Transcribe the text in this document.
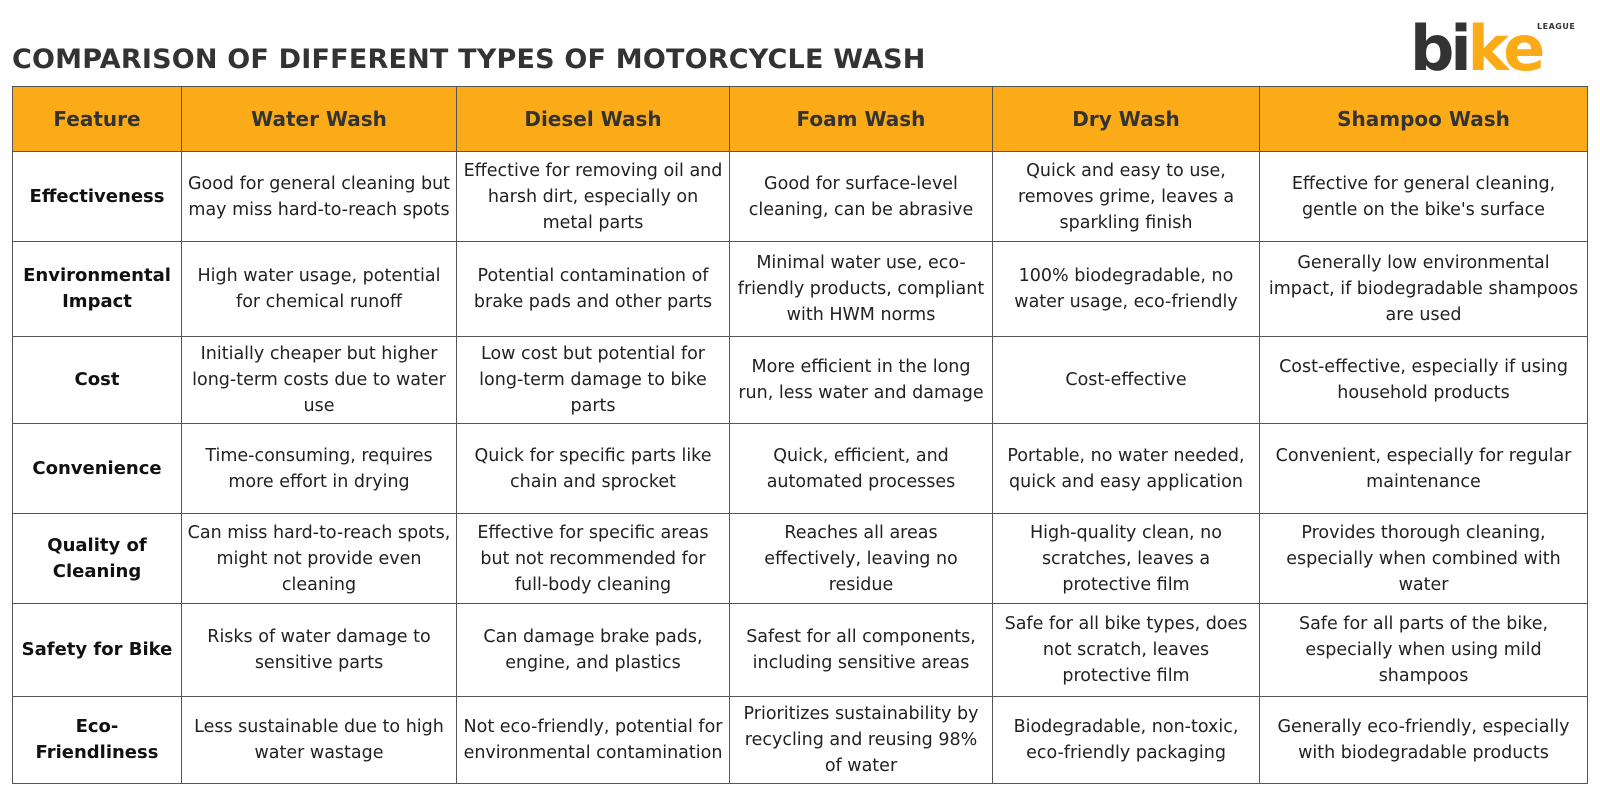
COMPARISON OF DIFFERENT TYPES OF MOTORCYCLE WASH	bike
LEAGUE
Feature	Water Wash	Diesel Wash	Foam Wash	Dry Wash	Shampoo Wash
Effectiveness	Good for general cleaning but may miss hard-to-reach spots	Effective for removing oil and harsh dirt, especially on metal parts	Good for surface-level cleaning, can be abrasive	Quick and easy to use, removes grime, leaves a sparkling finish	Effective for general cleaning, gentle on the bike's surface
Environmental Impact	High water usage, potential for chemical runoff	Potential contamination of brake pads and other parts	Minimal water use, eco-friendly products, compliant with HWM norms	100% biodegradable, no water usage, eco-friendly	Generally low environmental impact, if biodegradable shampoos are used
Cost	Initially cheaper but higher long-term costs due to water use	Low cost but potential for long-term damage to bike parts	More efficient in the long run, less water and damage	Cost-effective	Cost-effective, especially if using household products
Convenience	Time-consuming, requires more effort in drying	Quick for specific parts like chain and sprocket	Quick, efficient, and automated processes	Portable, no water needed, quick and easy application	Convenient, especially for regular maintenance
Quality of Cleaning	Can miss hard-to-reach spots, might not provide even cleaning	Effective for specific areas but not recommended for full-body cleaning	Reaches all areas effectively, leaving no residue	High-quality clean, no scratches, leaves a protective film	Provides thorough cleaning, especially when combined with water
Safety for Bike	Risks of water damage to sensitive parts	Can damage brake pads, engine, and plastics	Safest for all components, including sensitive areas	Safe for all bike types, does not scratch, leaves protective film	Safe for all parts of the bike, especially when using mild shampoos
Eco-Friendliness	Less sustainable due to high water wastage	Not eco-friendly, potential for environmental contamination	Prioritizes sustainability by recycling and reusing 98% of water	Biodegradable, non-toxic, eco-friendly packaging	Generally eco-friendly, especially with biodegradable products
